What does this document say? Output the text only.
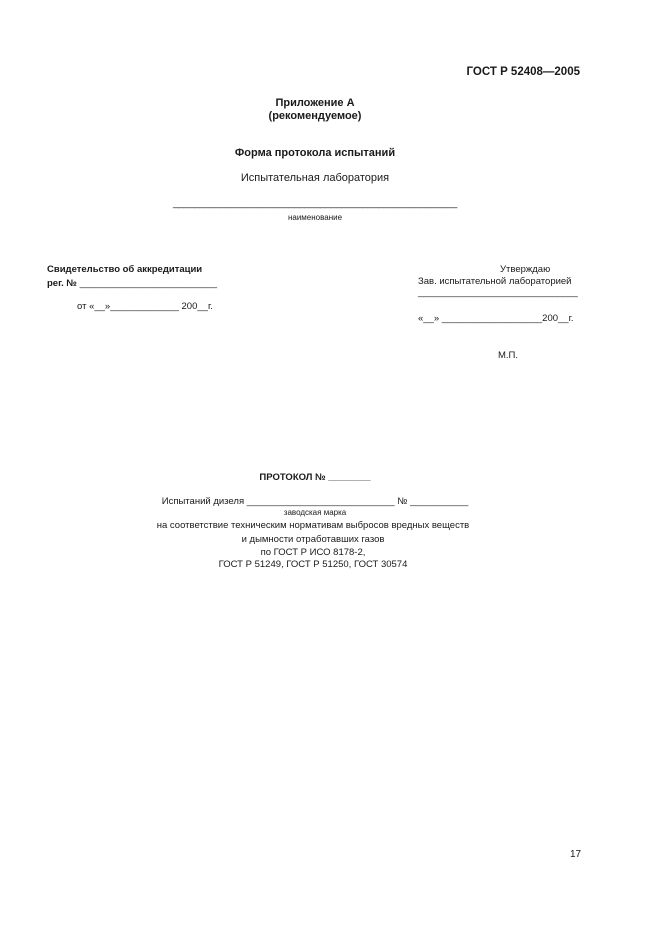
ГОСТ Р 52408—2005
Приложение А
(рекомендуемое)
Форма протокола испытаний
Испытательная лаборатория
______________________________________________________
наименование
Свидетельство об аккредитации
рег. № __________________________
от «__»_____________ 200__г.
Утверждаю
Зав. испытательной лабораторией
________________________________
«__» ___________________200__г.
М.П.
ПРОТОКОЛ № ________
Испытаний дизеля ____________________________ № ___________
заводская марка
на соответствие техническим нормативам выбросов вредных веществ
и дымности отработавших газов
по ГОСТ Р ИСО 8178-2,
ГОСТ Р 51249, ГОСТ Р 51250, ГОСТ 30574
17
